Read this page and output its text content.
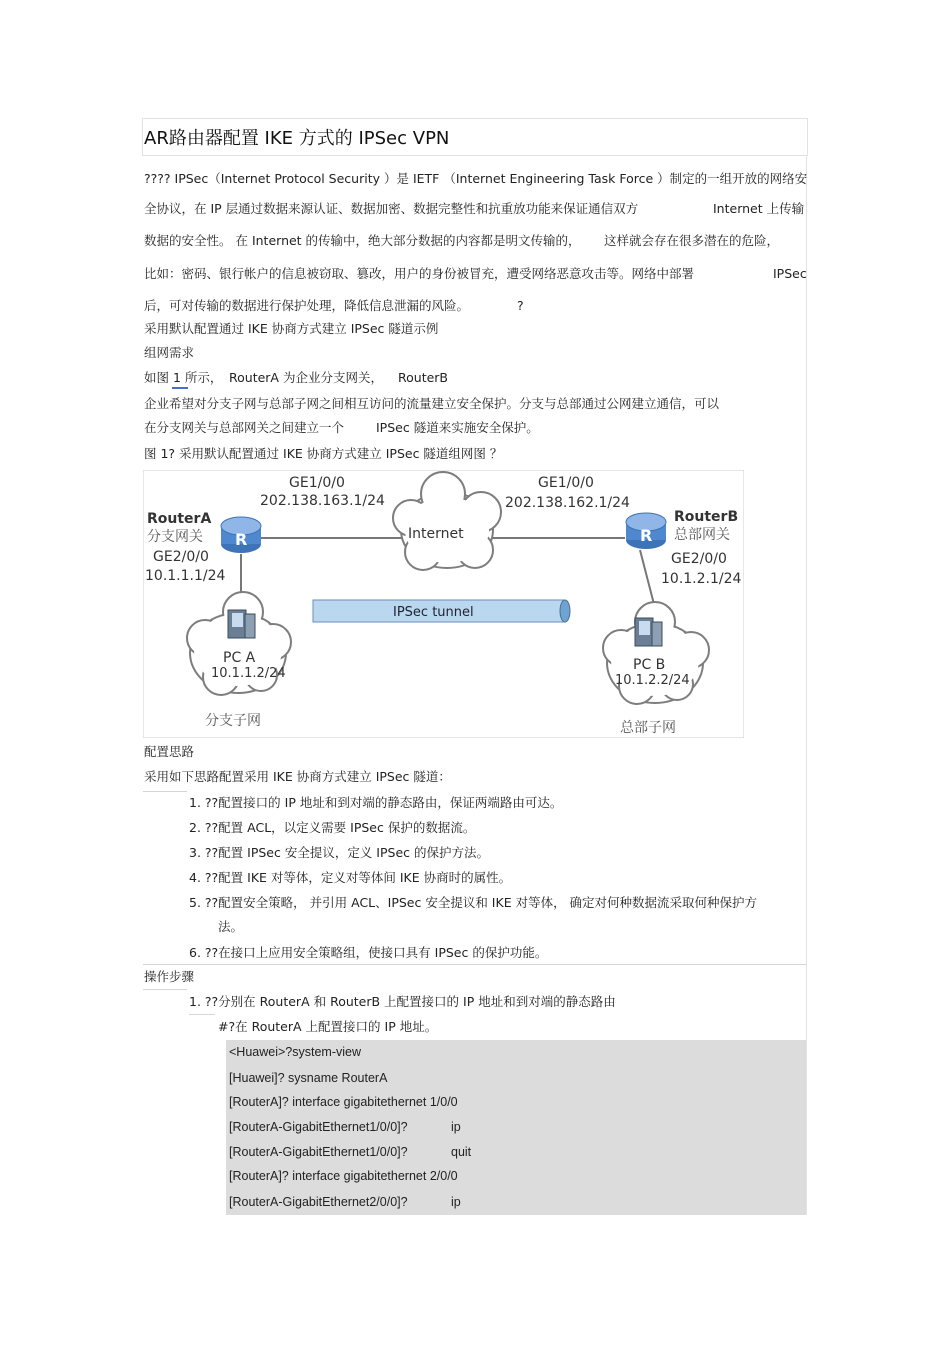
AR路由器配置 IKE 方式的 IPSec VPN
???? IPSec（Internet Protocol Security ）是 IETF （Internet Engineering Task Force ）制定的一组开放的网络安
全协议，在 IP 层通过数据来源认证、数据加密、数据完整性和抗重放功能来保证通信双方	Internet 上传输
数据的安全性。 在 Internet 的传输中，绝大部分数据的内容都是明文传输的， 这样就会存在很多潜在的危险，
比如：密码、银行帐户的信息被窃取、篡改，用户的身份被冒充，遭受网络恶意攻击等。网络中部署	IPSec
后，可对传输的数据进行保护处理，降低信息泄漏的风险。	?
采用默认配置通过 IKE 协商方式建立 IPSec 隧道示例
组网需求
如图 1 所示， RouterA 为企业分支网关， RouterB
企业希望对分支子网与总部子网之间相互访问的流量建立安全保护。分支与总部通过公网建立通信，可以
在分支网关与总部网关之间建立一个	IPSec 隧道来实施安全保护。
图 1? 采用默认配置通过 IKE 协商方式建立 IPSec 隧道组网图 ？
Internet
GE1/0/0
202.138.163.1/24
GE1/0/0
202.138.162.1/24
R
RouterA
分支网关
GE2/0/0
10.1.1.1/24
R
RouterB
总部网关
GE2/0/0
10.1.2.1/24
IPSec tunnel
PC A
10.1.1.2/24
分支子网
PC B
10.1.2.2/24
总部子网
配置思路
采用如下思路配置采用 IKE 协商方式建立 IPSec 隧道：
1. ??配置接口的 IP 地址和到对端的静态路由，保证两端路由可达。
2. ??配置 ACL，以定义需要 IPSec 保护的数据流。
3. ??配置 IPSec 安全提议，定义 IPSec 的保护方法。
4. ??配置 IKE 对等体，定义对等体间 IKE 协商时的属性。
5. ??配置安全策略， 并引用 ACL、IPSec 安全提议和 IKE 对等体， 确定对何种数据流采取何种保护方
法。
6. ??在接口上应用安全策略组，使接口具有 IPSec 的保护功能。
操作步骤
1. ??分别在 RouterA 和 RouterB 上配置接口的 IP 地址和到对端的静态路由
#?在 RouterA 上配置接口的 IP 地址。
<Huawei>?system-view
[Huawei]? sysname RouterA
[RouterA]? interface gigabitethernet 1/0/0
[RouterA-GigabitEthernet1/0/0]?	ip
[RouterA-GigabitEthernet1/0/0]?	quit
[RouterA]? interface gigabitethernet 2/0/0
[RouterA-GigabitEthernet2/0/0]?	ip
